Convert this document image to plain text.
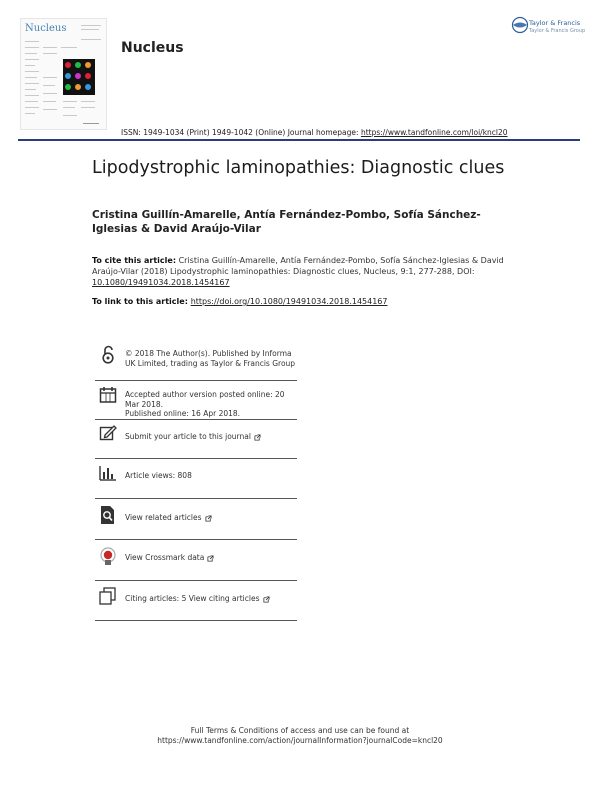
Nucleus
Nucleus
Taylor & Francis
Taylor & Francis Group
ISSN: 1949-1034 (Print) 1949-1042 (Online) Journal homepage: https://www.tandfonline.com/loi/kncl20
Lipodystrophic laminopathies: Diagnostic clues
Cristina Guillín-Amarelle, Antía Fernández-Pombo, Sofía Sánchez-Iglesias & David Araújo-Vilar
To cite this article: Cristina Guillín-Amarelle, Antía Fernández-Pombo, Sofía Sánchez-Iglesias & David Araújo-Vilar (2018) Lipodystrophic laminopathies: Diagnostic clues, Nucleus, 9:1, 277-288, DOI: 10.1080/19491034.2018.1454167
To link to this article: https://doi.org/10.1080/19491034.2018.1454167
© 2018 The Author(s). Published by Informa UK Limited, trading as Taylor & Francis Group
Accepted author version posted online: 20 Mar 2018.
Published online: 16 Apr 2018.
Submit your article to this journal
Article views: 808
View related articles
View Crossmark data
Citing articles: 5 View citing articles
Full Terms & Conditions of access and use can be found at
https://www.tandfonline.com/action/journalInformation?journalCode=kncl20
